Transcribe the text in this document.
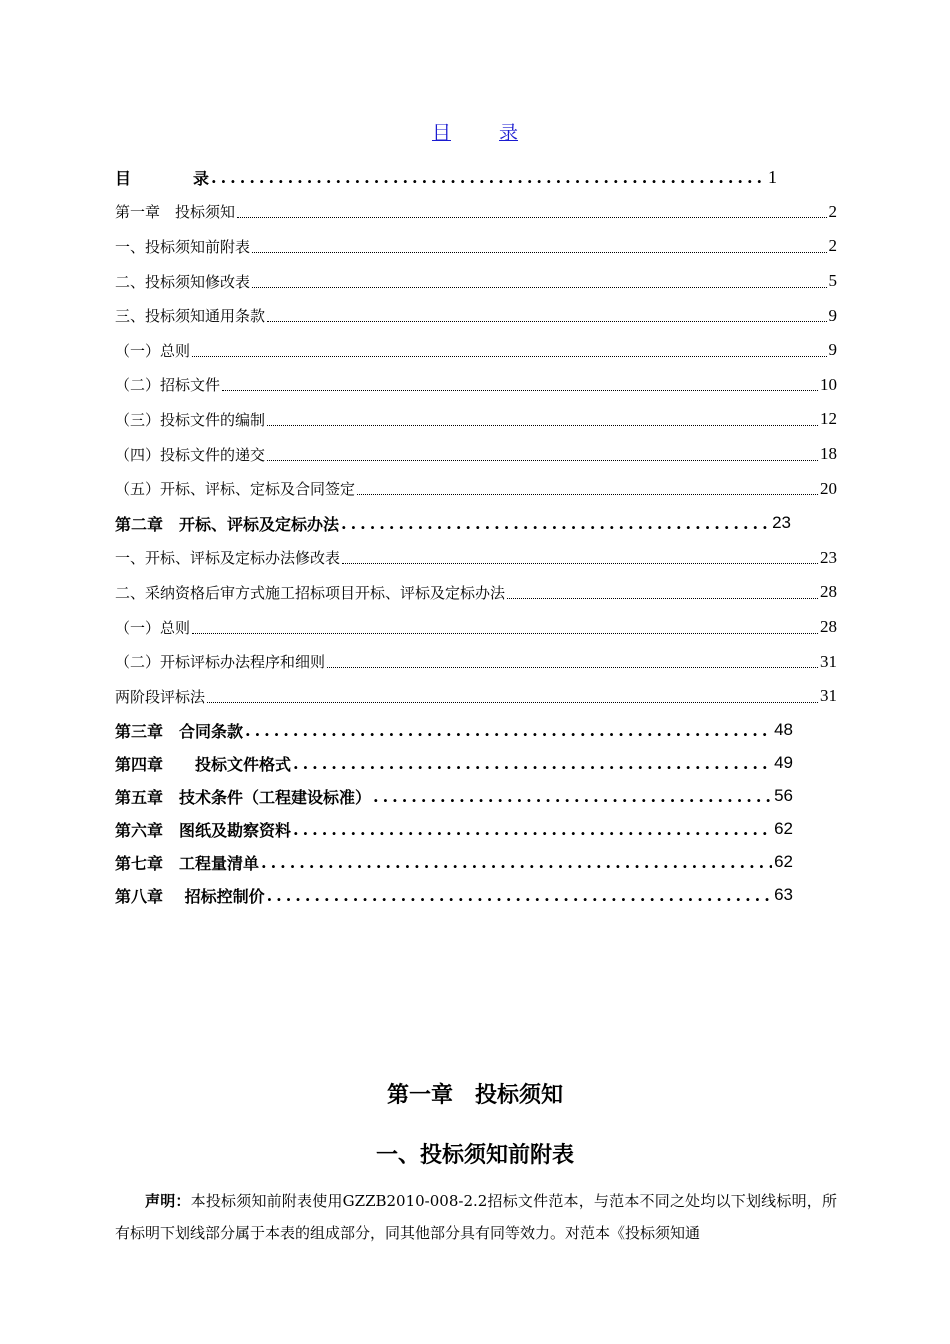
目	录
目	录 .....	1
第一章　投标须知	2
一、投标须知前附表	2
二、投标须知修改表	5
三、投标须知通用条款	9
（一）总则	9
（二）招标文件	10
（三）投标文件的编制	12
（四）投标文件的递交	18
（五）开标、评标、定标及合同签定	20
第二章　开标、评标及定标办法 .....	23
一、开标、评标及定标办法修改表	23
二、采纳资格后审方式施工招标项目开标、评标及定标办法	28
（一）总则	28
（二）开标评标办法程序和细则	31
两阶段评标法	31
第三章　合同条款 .....	48
第四章　　投标文件格式 .....	49
第五章　技术条件（工程建设标准） .....	56
第六章　图纸及勘察资料 .....	62
第七章　工程量清单 .....	62
第八章　 招标控制价 .....	63
第一章　投标须知
一、投标须知前附表

声明：本投标须知前附表使用GZZB2010-008-2.2招标文件范本，与范本不同之处均以下划线标明，所有标明下划线部分属于本表的组成部分，同其他部分具有同等效力。对范本《投标须知通
